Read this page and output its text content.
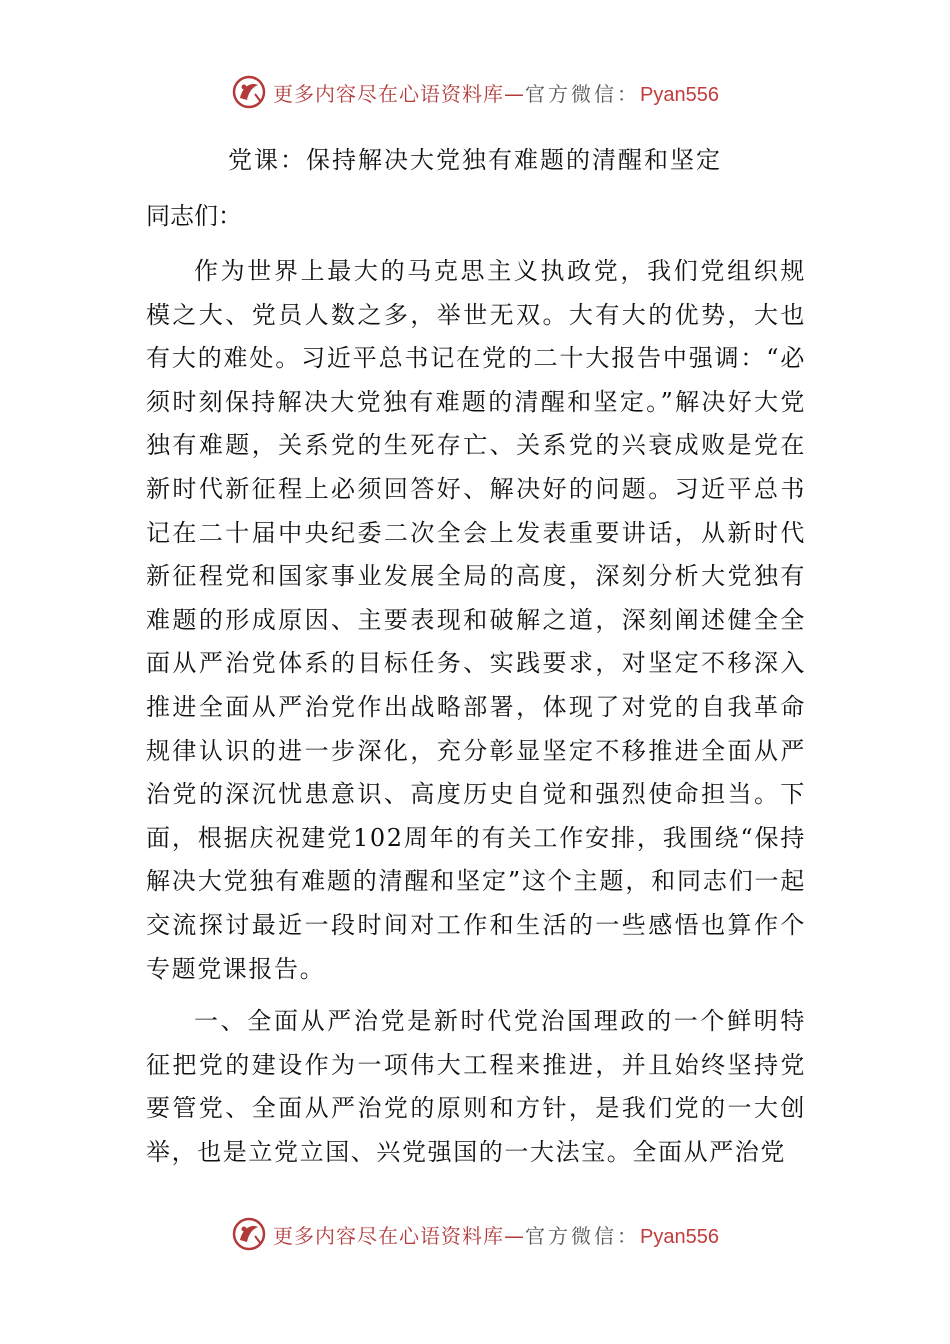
更多内容尽在心语资料库—官方微信：Pyan556
党课：保持解决大党独有难题的清醒和坚定

同志们：

作为世界上最大的马克思主义执政党，我们党组织规模之大、党员人数之多，举世无双。大有大的优势，大也有大的难处。习近平总书记在党的二十大报告中强调：“必须时刻保持解决大党独有难题的清醒和坚定。”解决好大党独有难题，关系党的生死存亡、关系党的兴衰成败是党在新时代新征程上必须回答好、解决好的问题。习近平总书记在二十届中央纪委二次全会上发表重要讲话，从新时代新征程党和国家事业发展全局的高度，深刻分析大党独有难题的形成原因、主要表现和破解之道，深刻阐述健全全面从严治党体系的目标任务、实践要求，对坚定不移深入推进全面从严治党作出战略部署，体现了对党的自我革命规律认识的进一步深化，充分彰显坚定不移推进全面从严治党的深沉忧患意识、高度历史自觉和强烈使命担当。下面，根据庆祝建党102周年的有关工作安排，我围绕“保持解决大党独有难题的清醒和坚定”这个主题，和同志们一起交流探讨最近一段时间对工作和生活的一些感悟也算作个专题党课报告。

一、全面从严治党是新时代党治国理政的一个鲜明特征把党的建设作为一项伟大工程来推进，并且始终坚持党要管党、全面从严治党的原则和方针，是我们党的一大创举，也是立党立国、兴党强国的一大法宝。全面从严治党

更多内容尽在心语资料库—官方微信：Pyan556
